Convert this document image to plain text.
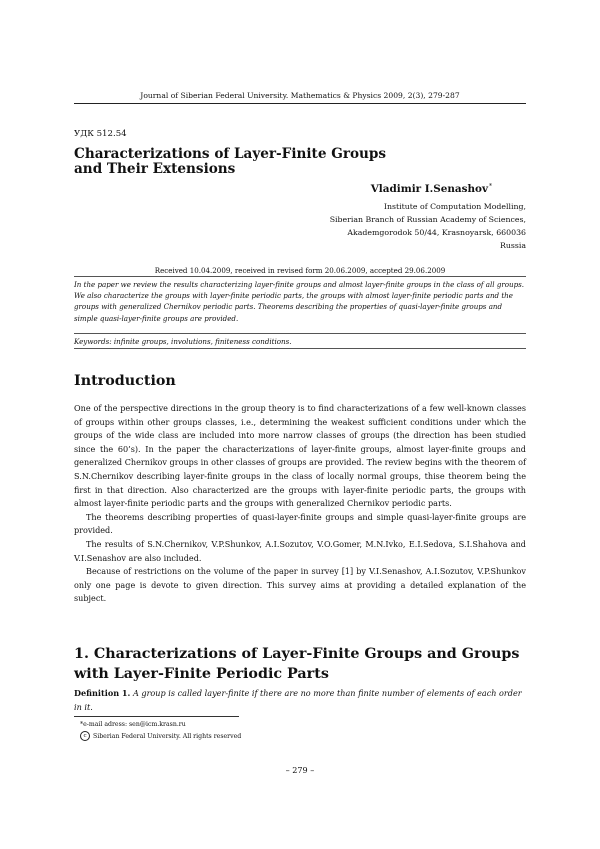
Journal of Siberian Federal University. Mathematics & Physics 2009, 2(3), 279-287
УДК 512.54
Characterizations of Layer-Finite Groups
and Their Extensions
Vladimir I.Senashov*
Institute of Computation Modelling,
Siberian Branch of Russian Academy of Sciences,
Akademgorodok 50/44, Krasnoyarsk, 660036
Russia
Received 10.04.2009, received in revised form 20.06.2009, accepted 29.06.2009
In the paper we review the results characterizing layer-finite groups and almost layer-finite groups in the class of all groups. We also characterize the groups with layer-finite periodic parts, the groups with almost layer-finite periodic parts and the groups with generalized Chernikov periodic parts. Theorems describing the properties of quasi-layer-finite groups and simple quasi-layer-finite groups are provided.
Keywords: infinite groups, involutions, finiteness conditions.
Introduction

One of the perspective directions in the group theory is to find characterizations of a few well-known classes of groups within other groups classes, i.e., determining the weakest sufficient conditions under which the groups of the wide class are included into more narrow classes of groups (the direction has been studied since the 60’s). In the paper the characterizations of layer-finite groups, almost layer-finite groups and generalized Chernikov groups in other classes of groups are provided. The review begins with the theorem of S.N.Chernikov describing layer-finite groups in the class of locally normal groups, thise theorem being the first in that direction. Also characterized are the groups with layer-finite periodic parts, the groups with almost layer-finite periodic parts and the groups with generalized Chernikov periodic parts.

The theorems describing properties of quasi-layer-finite groups and simple quasi-layer-finite groups are provided.

The results of S.N.Chernikov, V.P.Shunkov, A.I.Sozutov, V.O.Gomer, M.N.Ivko, E.I.Sedova, S.I.Shahova and V.I.Senashov are also included.

Because of restrictions on the volume of the paper in survey [1] by V.I.Senashov, A.I.Sozutov, V.P.Shunkov only one page is devote to given direction. This survey aims at providing a detailed explanation of the subject.

1. Characterizations of Layer-Finite Groups and Groups
with Layer-Finite Periodic Parts
Definition 1. A group is called layer-finite if there are no more than finite number of elements of each order in it.
*e-mail adress: sen@icm.krasn.ru
c Siberian Federal University. All rights reserved
– 279 –
